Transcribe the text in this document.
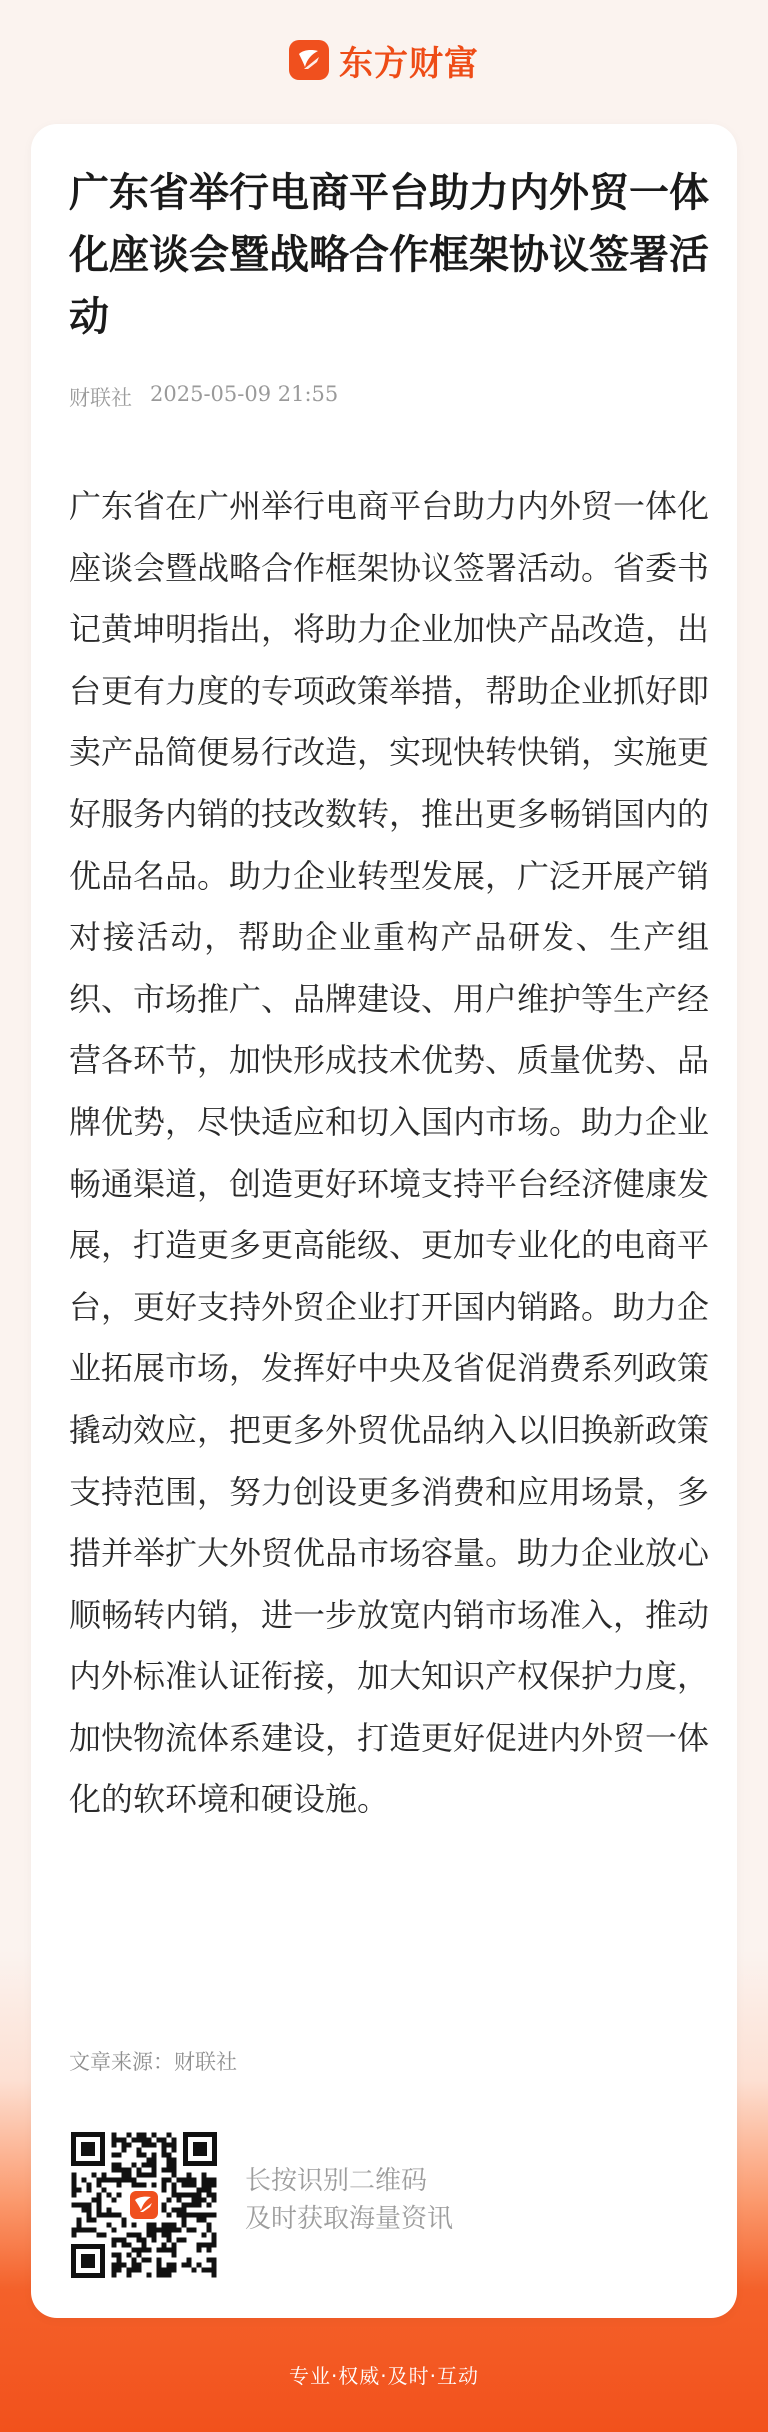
东方财富
广东省举行电商平台助力内外贸一体化座谈会暨战略合作框架协议签署活动
财联社 2025-05-09 21:55

广东省在广州举行电商平台助力内外贸一体化座谈会暨战略合作框架协议签署活动。省委书记黄坤明指出，将助力企业加快产品改造，出台更有力度的专项政策举措，帮助企业抓好即卖产品简便易行改造，实现快转快销，实施更好服务内销的技改数转，推出更多畅销国内的优品名品。助力企业转型发展，广泛开展产销对接活动，帮助企业重构产品研发、生产组织、市场推广、品牌建设、用户维护等生产经营各环节，加快形成技术优势、质量优势、品牌优势，尽快适应和切入国内市场。助力企业畅通渠道，创造更好环境支持平台经济健康发展，打造更多更高能级、更加专业化的电商平台，更好支持外贸企业打开国内销路。助力企业拓展市场，发挥好中央及省促消费系列政策撬动效应，把更多外贸优品纳入以旧换新政策支持范围，努力创设更多消费和应用场景，多措并举扩大外贸优品市场容量。助力企业放心顺畅转内销，进一步放宽内销市场准入，推动内外标准认证衔接，加大知识产权保护力度，加快物流体系建设，打造更好促进内外贸一体化的软环境和硬设施。

文章来源：财联社
长按识别二维码
及时获取海量资讯
专业·权威·及时·互动
